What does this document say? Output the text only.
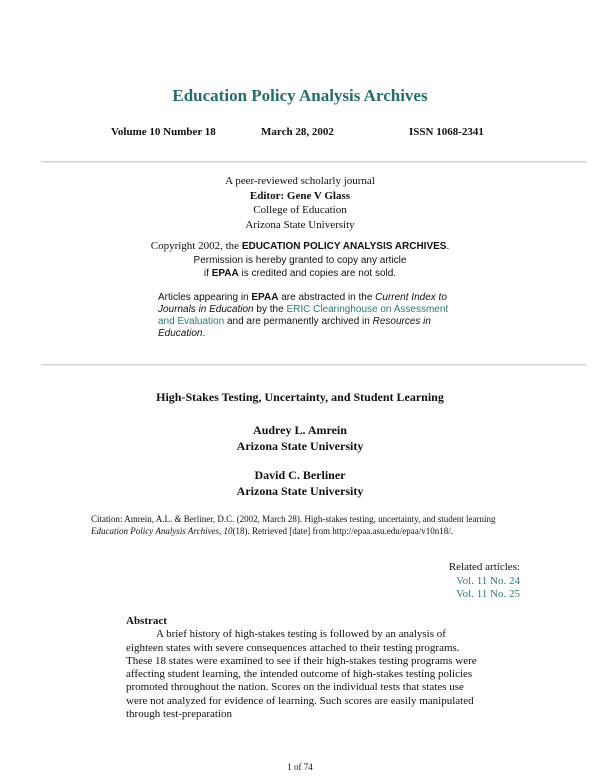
Education Policy Analysis Archives
Volume 10 Number 18	March 28, 2002	ISSN 1068-2341
A peer-reviewed scholarly journal
Editor: Gene V Glass
College of Education
Arizona State University
Copyright 2002, the EDUCATION POLICY ANALYSIS ARCHIVES.
Permission is hereby granted to copy any article
if EPAA is credited and copies are not sold.
Articles appearing in EPAA are abstracted in the Current Index to Journals in Education by the ERIC Clearinghouse on Assessment and Evaluation and are permanently archived in Resources in Education.
High-Stakes Testing, Uncertainty, and Student Learning
Audrey L. Amrein
Arizona State University
David C. Berliner
Arizona State University
Citation: Amrein, A.L. & Berliner, D.C. (2002, March 28). High-stakes testing, uncertainty, and student learning Education Policy Analysis Archives, 10(18). Retrieved [date] from http://epaa.asu.edu/epaa/v10n18/.
Related articles:
Vol. 11 No. 24
Vol. 11 No. 25
Abstract

A brief history of high-stakes testing is followed by an analysis of eighteen states with severe consequences attached to their testing programs. These 18 states were examined to see if their high-stakes testing programs were affecting student learning, the intended outcome of high-stakes testing policies promoted throughout the nation. Scores on the individual tests that states use were not analyzed for evidence of learning. Such scores are easily manipulated through test-preparation

1 of 74
